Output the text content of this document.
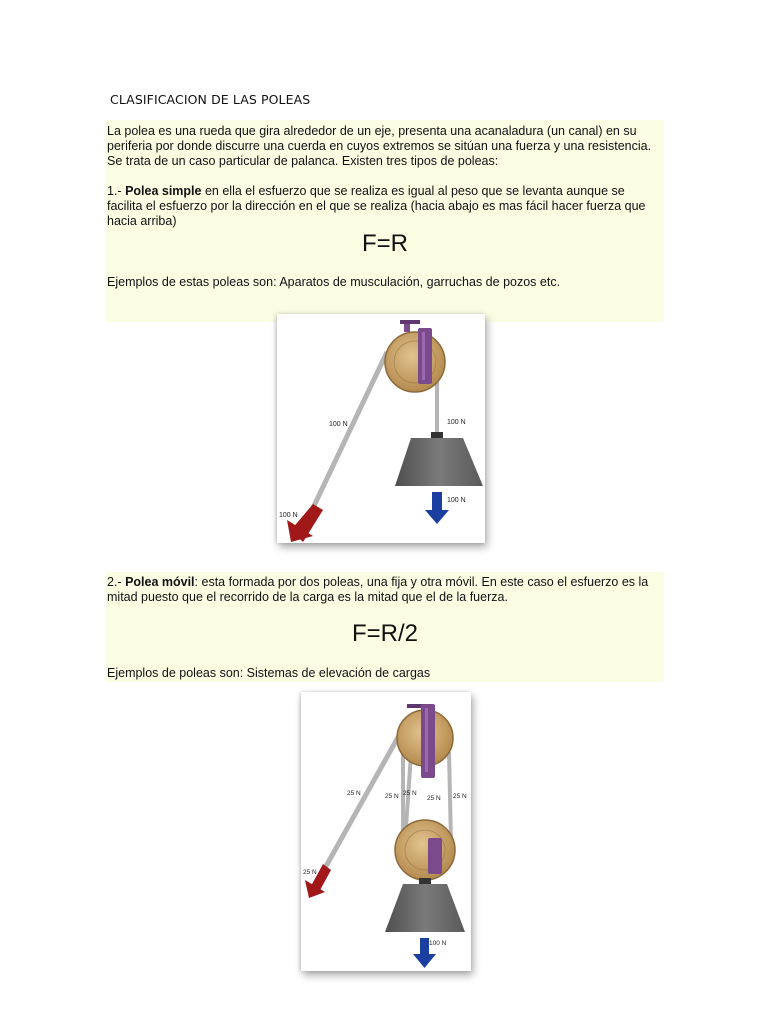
CLASIFICACION DE LAS POLEAS

La polea es una rueda que gira alrededor de un eje, presenta una acanaladura (un canal) en su periferia por donde discurre una cuerda en cuyos extremos se sitúan una fuerza y una resistencia. Se trata de un caso particular de palanca. Existen tres tipos de poleas:

1.- Polea simple en ella el esfuerzo que se realiza es igual al peso que se levanta aunque se facilita el esfuerzo por la dirección en el que se realiza (hacia abajo es mas fácil hacer fuerza que hacia arriba)

F=R

Ejemplos de estas poleas son: Aparatos de musculación, garruchas de pozos etc.

100 N	100 N
100 N
100 N

2.- Polea móvil: esta formada por dos poleas, una fija y otra móvil. En este caso el esfuerzo es la mitad puesto que el recorrido de la carga es la mitad que el de la fuerza.

F=R/2

Ejemplos de poleas son: Sistemas de elevación de cargas

25 N	25 N 25 N
25 N 25 N
25 N
100 N
